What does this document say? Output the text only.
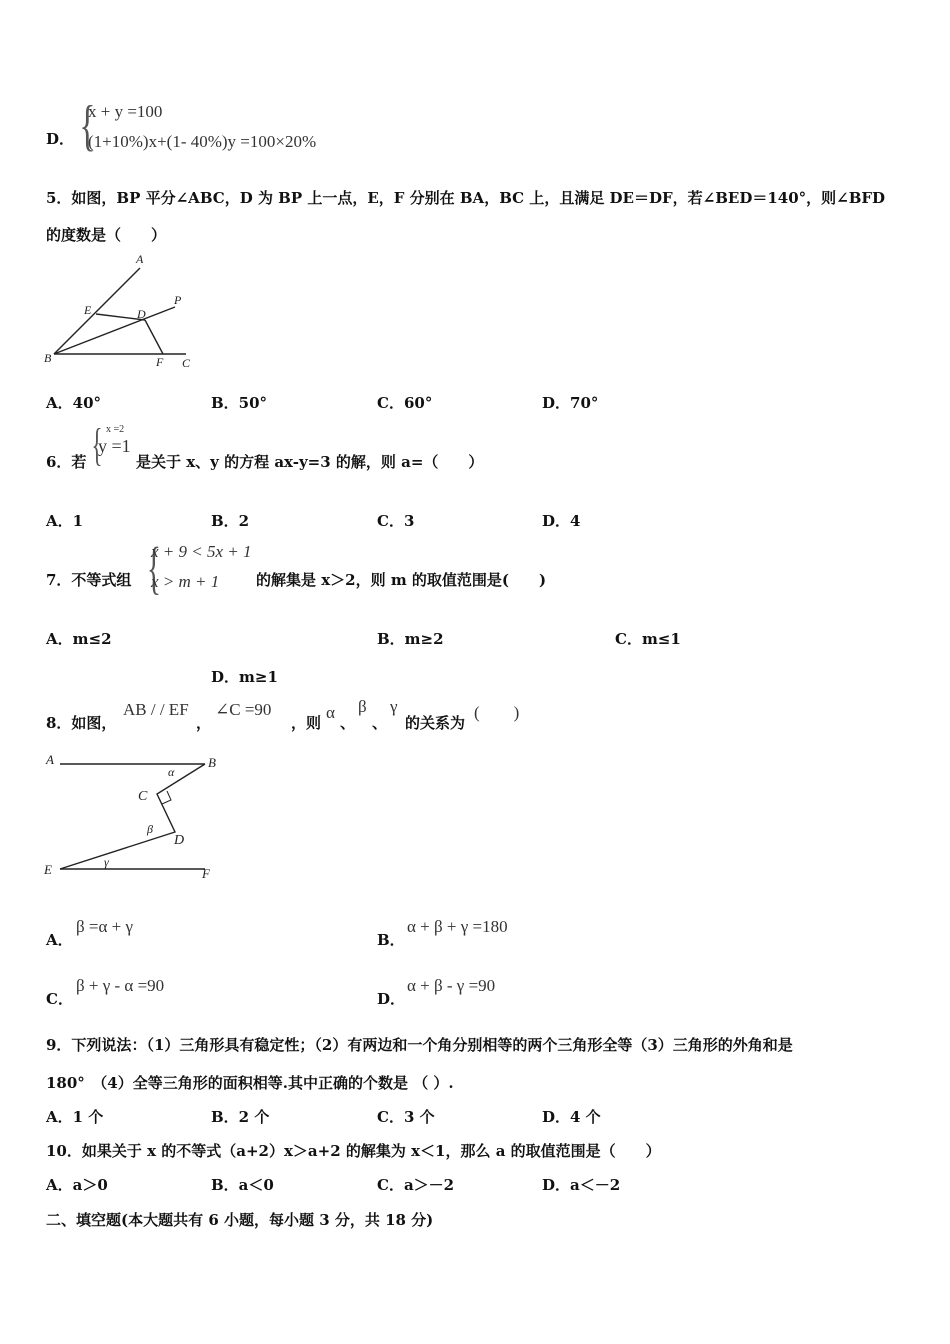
D． {
x + y =100
(1+10%)x+(1- 40%)y =100×20%
5．如图，BP 平分∠ABC，D 为 BP 上一点，E，F 分别在 BA，BC 上，且满足 DE＝DF，若∠BED＝140°，则∠BFD
的度数是（　　）
A
E	D
P
B	F C
A．40°	B．50°	C．60°	D．70°
6．若 { x =2
y =1
是关于 x、y 的方程 ax-y=3 的解，则 a=（　　）
A．1	B．2	C．3	D．4
7．不等式组 {
x + 9 < 5x + 1
x > m + 1 的解集是 x＞2，则 m 的取值范围是(　　)
A．m≤2	B．m≥2	C．m≤1
D．m≥1
8．如图，
AB / / EF
，
∠C =90
，则
α
、
β
、
γ
的关系为
(　　)
A	B
C
D
E	F
α
β
γ
A．
β =α + γ
B．
α + β + γ =180
C．
β + γ - α =90
D．
α + β - γ =90
9．下列说法：（1）三角形具有稳定性；（2）有两边和一个角分别相等的两个三角形全等（3）三角形的外角和是
180°　（4）全等三角形的面积相等.其中正确的个数是 （ ）.
A．1 个	B．2 个	C．3 个	D．4 个
10．如果关于 x 的不等式（a+2）x＞a+2 的解集为 x＜1，那么 a 的取值范围是（　　）
A．a＞0	B．a＜0	C．a＞－2	D．a＜－2
二、填空题(本大题共有 6 小题，每小题 3 分，共 18 分)
